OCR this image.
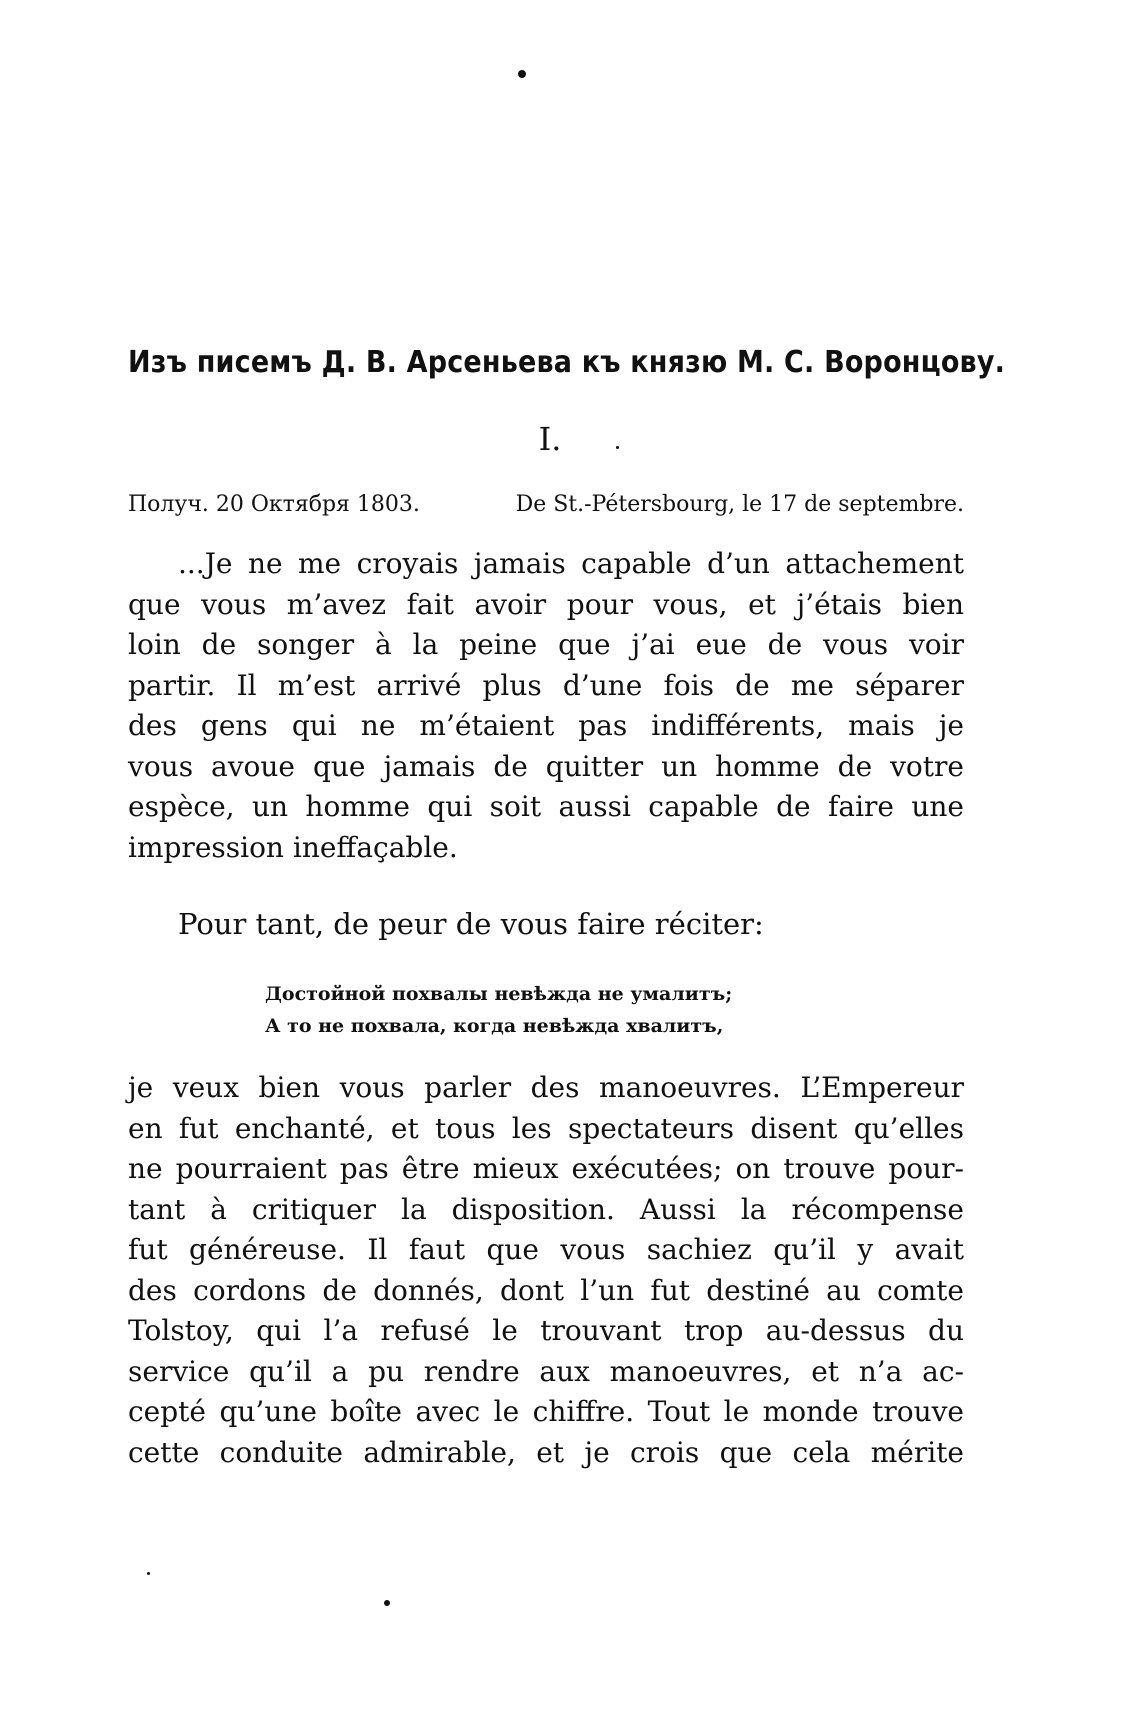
Изъ писемъ Д. В. Арсеньева къ князю М. С. Воронцову.
I.
Получ. 20 Октября 1803.	De St.-Pétersbourg, le 17 de septembre.
...Je ne me croyais jamais capable d’un attachement
que vous m’avez fait avoir pour vous, et j’étais bien
loin de songer à la peine que j’ai eue de vous voir
partir. Il m’est arrivé plus d’une fois de me séparer
des gens qui ne m’étaient pas indifférents, mais je
vous avoue que jamais de quitter un homme de votre
espèce, un homme qui soit aussi capable de faire une
impression ineffaçable.
Pour tant, de peur de vous faire réciter:
Достойной похвалы невѣжда не умалитъ;
А то не похвала, когда невѣжда хвалитъ,
je veux bien vous parler des manoeuvres. L’Empereur
en fut enchanté, et tous les spectateurs disent qu’elles
ne pourraient pas être mieux exécutées; on trouve pour-
tant à critiquer la disposition. Aussi la récompense
fut généreuse. Il faut que vous sachiez qu’il y avait
des cordons de donnés, dont l’un fut destiné au comte
Tolstoy, qui l’a refusé le trouvant trop au-dessus du
service qu’il a pu rendre aux manoeuvres, et n’a ac-
cepté qu’une boîte avec le chiffre. Tout le monde trouve
cette conduite admirable, et je crois que cela mérite
